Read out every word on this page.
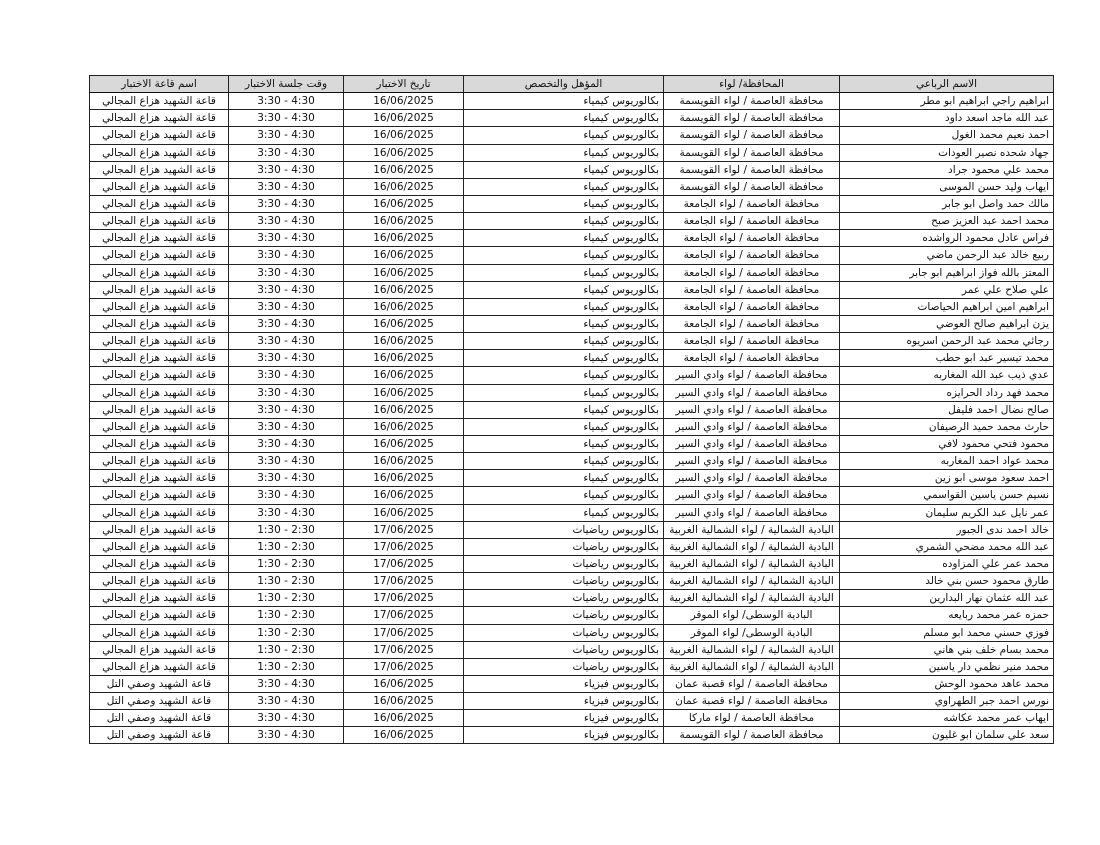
الاسم الرباعي	المحافظة/ لواء	المؤهل والتخصص	تاريخ الاختبار	وقت جلسة الاختبار	اسم قاعة الاختبار
ابراهيم راجي ابراهيم ابو مطر	محافظة العاصمة / لواء القويسمة	بكالوريوس كيمياء	16/06/2025	3:30 - 4:30	قاعة الشهيد هزاع المجالي
عبد الله ماجد اسعد داود	محافظة العاصمة / لواء القويسمة	بكالوريوس كيمياء	16/06/2025	3:30 - 4:30	قاعة الشهيد هزاع المجالي
احمد نعيم محمد الغول	محافظة العاصمة / لواء القويسمة	بكالوريوس كيمياء	16/06/2025	3:30 - 4:30	قاعة الشهيد هزاع المجالي
جهاد شحده نصير العودات	محافظة العاصمة / لواء القويسمة	بكالوريوس كيمياء	16/06/2025	3:30 - 4:30	قاعة الشهيد هزاع المجالي
محمد علي محمود جراد	محافظة العاصمة / لواء القويسمة	بكالوريوس كيمياء	16/06/2025	3:30 - 4:30	قاعة الشهيد هزاع المجالي
ايهاب وليد حسن الموسى	محافظة العاصمة / لواء القويسمة	بكالوريوس كيمياء	16/06/2025	3:30 - 4:30	قاعة الشهيد هزاع المجالي
مالك حمد واصل ابو جابر	محافظة العاصمة / لواء الجامعة	بكالوريوس كيمياء	16/06/2025	3:30 - 4:30	قاعة الشهيد هزاع المجالي
محمد احمد عبد العزيز صبح	محافظة العاصمة / لواء الجامعة	بكالوريوس كيمياء	16/06/2025	3:30 - 4:30	قاعة الشهيد هزاع المجالي
فراس عادل محمود الرواشده	محافظة العاصمة / لواء الجامعة	بكالوريوس كيمياء	16/06/2025	3:30 - 4:30	قاعة الشهيد هزاع المجالي
ربيع خالد عبد الرحمن ماضي	محافظة العاصمة / لواء الجامعة	بكالوريوس كيمياء	16/06/2025	3:30 - 4:30	قاعة الشهيد هزاع المجالي
المعتز بالله فواز ابراهيم ابو جابر	محافظة العاصمة / لواء الجامعة	بكالوريوس كيمياء	16/06/2025	3:30 - 4:30	قاعة الشهيد هزاع المجالي
علي صلاح علي عمر	محافظة العاصمة / لواء الجامعة	بكالوريوس كيمياء	16/06/2025	3:30 - 4:30	قاعة الشهيد هزاع المجالي
ابراهيم امين ابراهيم الحياصات	محافظة العاصمة / لواء الجامعة	بكالوريوس كيمياء	16/06/2025	3:30 - 4:30	قاعة الشهيد هزاع المجالي
يزن ابراهيم صالح العوضي	محافظة العاصمة / لواء الجامعة	بكالوريوس كيمياء	16/06/2025	3:30 - 4:30	قاعة الشهيد هزاع المجالي
رجائي محمد عبد الرحمن اسريوه	محافظة العاصمة / لواء الجامعة	بكالوريوس كيمياء	16/06/2025	3:30 - 4:30	قاعة الشهيد هزاع المجالي
محمد تيسير عبد ابو حطب	محافظة العاصمة / لواء الجامعة	بكالوريوس كيمياء	16/06/2025	3:30 - 4:30	قاعة الشهيد هزاع المجالي
عدي ذيب عبد الله المغاربه	محافظة العاصمة / لواء وادي السير	بكالوريوس كيمياء	16/06/2025	3:30 - 4:30	قاعة الشهيد هزاع المجالي
محمد فهد رداد الحرايزه	محافظة العاصمة / لواء وادي السير	بكالوريوس كيمياء	16/06/2025	3:30 - 4:30	قاعة الشهيد هزاع المجالي
صالح نضال احمد فليفل	محافظة العاصمة / لواء وادي السير	بكالوريوس كيمياء	16/06/2025	3:30 - 4:30	قاعة الشهيد هزاع المجالي
حارث محمد حميد الرصيفان	محافظة العاصمة / لواء وادي السير	بكالوريوس كيمياء	16/06/2025	3:30 - 4:30	قاعة الشهيد هزاع المجالي
محمود فتحي محمود لافي	محافظة العاصمة / لواء وادي السير	بكالوريوس كيمياء	16/06/2025	3:30 - 4:30	قاعة الشهيد هزاع المجالي
محمد عواد احمد المغاربه	محافظة العاصمة / لواء وادي السير	بكالوريوس كيمياء	16/06/2025	3:30 - 4:30	قاعة الشهيد هزاع المجالي
احمد سعود موسى ابو زين	محافظة العاصمة / لواء وادي السير	بكالوريوس كيمياء	16/06/2025	3:30 - 4:30	قاعة الشهيد هزاع المجالي
نسيم حسن ياسين القواسمي	محافظة العاصمة / لواء وادي السير	بكالوريوس كيمياء	16/06/2025	3:30 - 4:30	قاعة الشهيد هزاع المجالي
عمر نايل عبد الكريم سليمان	محافظة العاصمة / لواء وادي السير	بكالوريوس كيمياء	16/06/2025	3:30 - 4:30	قاعة الشهيد هزاع المجالي
خالد احمد ندى الجبور	البادية الشمالية / لواء الشمالية الغربية	بكالوريوس رياضيات	17/06/2025	1:30 - 2:30	قاعة الشهيد هزاع المجالي
عبد الله محمد مضحي الشمري	البادية الشمالية / لواء الشمالية الغربية	بكالوريوس رياضيات	17/06/2025	1:30 - 2:30	قاعة الشهيد هزاع المجالي
محمد عمر علي المزاوده	البادية الشمالية / لواء الشمالية الغربية	بكالوريوس رياضيات	17/06/2025	1:30 - 2:30	قاعة الشهيد هزاع المجالي
طارق محمود حسن بني خالد	البادية الشمالية / لواء الشمالية الغربية	بكالوريوس رياضيات	17/06/2025	1:30 - 2:30	قاعة الشهيد هزاع المجالي
عبد الله عثمان نهار البدارين	البادية الشمالية / لواء الشمالية الغربية	بكالوريوس رياضيات	17/06/2025	1:30 - 2:30	قاعة الشهيد هزاع المجالي
حمزه عمر محمد ربايعه	البادية الوسطى/ لواء الموقر	بكالوريوس رياضيات	17/06/2025	1:30 - 2:30	قاعة الشهيد هزاع المجالي
فوزي حسني محمد ابو مسلم	البادية الوسطى/ لواء الموقر	بكالوريوس رياضيات	17/06/2025	1:30 - 2:30	قاعة الشهيد هزاع المجالي
محمد بسام خلف بني هاني	البادية الشمالية / لواء الشمالية الغربية	بكالوريوس رياضيات	17/06/2025	1:30 - 2:30	قاعة الشهيد هزاع المجالي
محمد منير نظمي دار ياسين	البادية الشمالية / لواء الشمالية الغربية	بكالوريوس رياضيات	17/06/2025	1:30 - 2:30	قاعة الشهيد هزاع المجالي
محمد عاهد محمود الوحش	محافظة العاصمة / لواء قصبة عمان	بكالوريوس فيزياء	16/06/2025	3:30 - 4:30	قاعة الشهيد وصفي التل
نورس احمد جبر الطهراوي	محافظة العاصمة / لواء قصبة عمان	بكالوريوس فيزياء	16/06/2025	3:30 - 4:30	قاعة الشهيد وصفي التل
ايهاب عمر محمد عكاشه	محافظة العاصمة / لواء ماركا	بكالوريوس فيزياء	16/06/2025	3:30 - 4:30	قاعة الشهيد وصفي التل
سعد علي سلمان ابو غليون	محافظة العاصمة / لواء القويسمة	بكالوريوس فيزياء	16/06/2025	3:30 - 4:30	قاعة الشهيد وصفي التل
